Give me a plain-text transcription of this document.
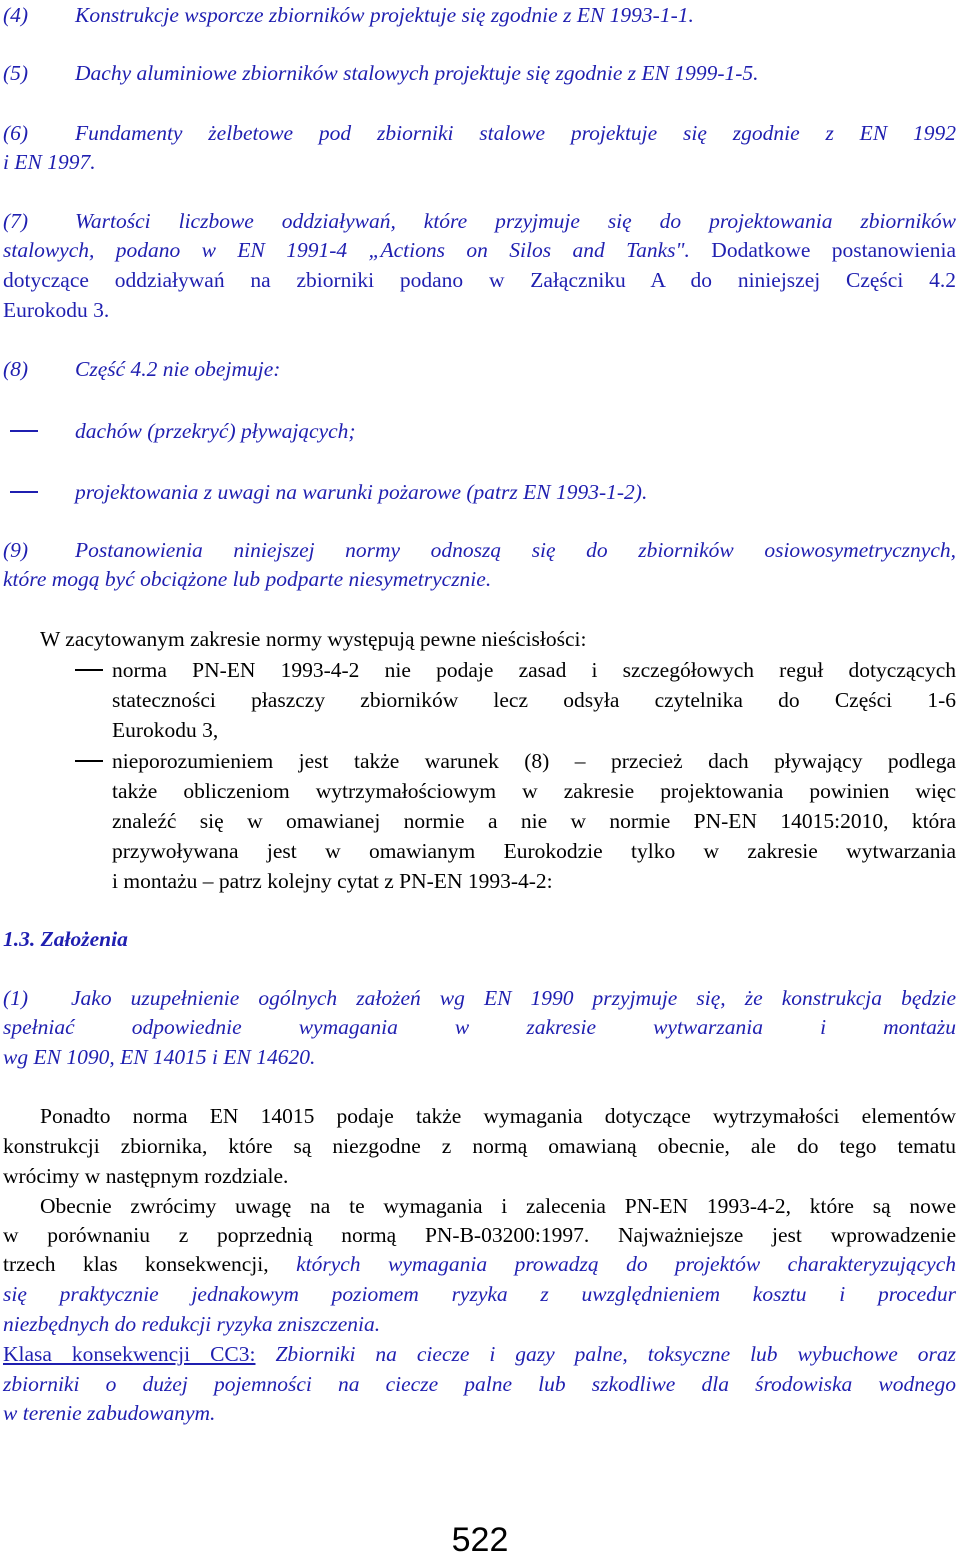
(4) Konstrukcje wsporcze zbiorników projektuje się zgodnie z EN 1993-1-1.
(5) Dachy aluminiowe zbiorników stalowych projektuje się zgodnie z EN 1999-1-5.
(6) Fundamenty żelbetowe pod zbiorniki stalowe projektuje się zgodnie z EN 1992
i EN 1997.
(7) Wartości liczbowe oddziaływań, które przyjmuje się do projektowania zbiorników
stalowych, podano w EN 1991-4 „Actions on Silos and Tanks". Dodatkowe postanowienia
dotyczące oddziaływań na zbiorniki podano w Załączniku A do niniejszej Części 4.2
Eurokodu 3.
(8) Część 4.2 nie obejmuje:
dachów (przekryć) pływających;
projektowania z uwagi na warunki pożarowe (patrz EN 1993-1-2).
(9) Postanowienia niniejszej normy odnoszą się do zbiorników osiowosymetrycznych,
które mogą być obciążone lub podparte niesymetrycznie.
W zacytowanym zakresie normy występują pewne nieścisłości:
norma PN-EN 1993-4-2 nie podaje zasad i szczegółowych reguł dotyczących
stateczności płaszczy zbiorników lecz odsyła czytelnika do Części 1-6
Eurokodu 3,
nieporozumieniem jest także warunek (8) – przecież dach pływający podlega
także obliczeniom wytrzymałościowym w zakresie projektowania powinien więc
znaleźć się w omawianej normie a nie w normie PN-EN 14015:2010, która
przywoływana jest w omawianym Eurokodzie tylko w zakresie wytwarzania
i montażu – patrz kolejny cytat z PN-EN 1993-4-2:
1.3. Założenia
(1) Jako uzupełnienie ogólnych założeń wg EN 1990 przyjmuje się, że konstrukcja będzie
spełniać odpowiednie wymagania w zakresie wytwarzania i montażu
wg EN 1090, EN 14015 i EN 14620.
Ponadto norma EN 14015 podaje także wymagania dotyczące wytrzymałości elementów
konstrukcji zbiornika, które są niezgodne z normą omawianą obecnie, ale do tego tematu
wrócimy w następnym rozdziale.
Obecnie zwrócimy uwagę na te wymagania i zalecenia PN-EN 1993-4-2, które są nowe
w porównaniu z poprzednią normą PN-B-03200:1997. Najważniejsze jest wprowadzenie
trzech klas konsekwencji, których wymagania prowadzą do projektów charakteryzujących
się praktycznie jednakowym poziomem ryzyka z uwzględnieniem kosztu i procedur
niezbędnych do redukcji ryzyka zniszczenia.
Klasa konsekwencji CC3: Zbiorniki na ciecze i gazy palne, toksyczne lub wybuchowe oraz
zbiorniki o dużej pojemności na ciecze palne lub szkodliwe dla środowiska wodnego
w terenie zabudowanym.
522
